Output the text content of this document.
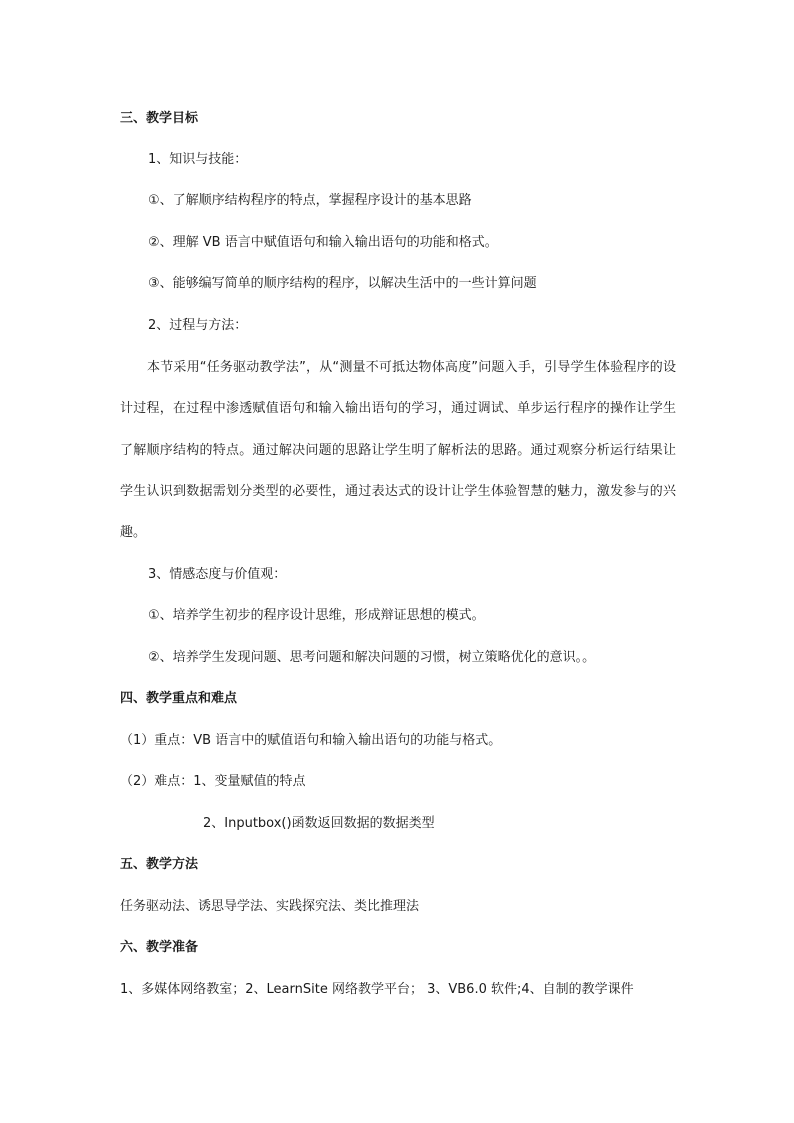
三、教学目标
1、知识与技能：
①、了解顺序结构程序的特点，掌握程序设计的基本思路
②、理解 VB 语言中赋值语句和输入输出语句的功能和格式。
③、能够编写简单的顺序结构的程序，以解决生活中的一些计算问题
2、过程与方法：
本节采用“任务驱动教学法”，从“测量不可抵达物体高度”问题入手，引导学生体验程序的设计过程，在过程中渗透赋值语句和输入输出语句的学习，通过调试、单步运行程序的操作让学生了解顺序结构的特点。通过解决问题的思路让学生明了解析法的思路。通过观察分析运行结果让学生认识到数据需划分类型的必要性，通过表达式的设计让学生体验智慧的魅力，激发参与的兴趣。
3、情感态度与价值观：
①、培养学生初步的程序设计思维，形成辩证思想的模式。
②、培养学生发现问题、思考问题和解决问题的习惯，树立策略优化的意识。。
四、教学重点和难点
（1）重点：VB 语言中的赋值语句和输入输出语句的功能与格式。
（2）难点：1、变量赋值的特点
2、Inputbox()函数返回数据的数据类型
五、教学方法
任务驱动法、诱思导学法、实践探究法、类比推理法
六、教学准备
1、多媒体网络教室；2、LearnSite 网络教学平台； 3、VB6.0 软件;4、自制的教学课件
